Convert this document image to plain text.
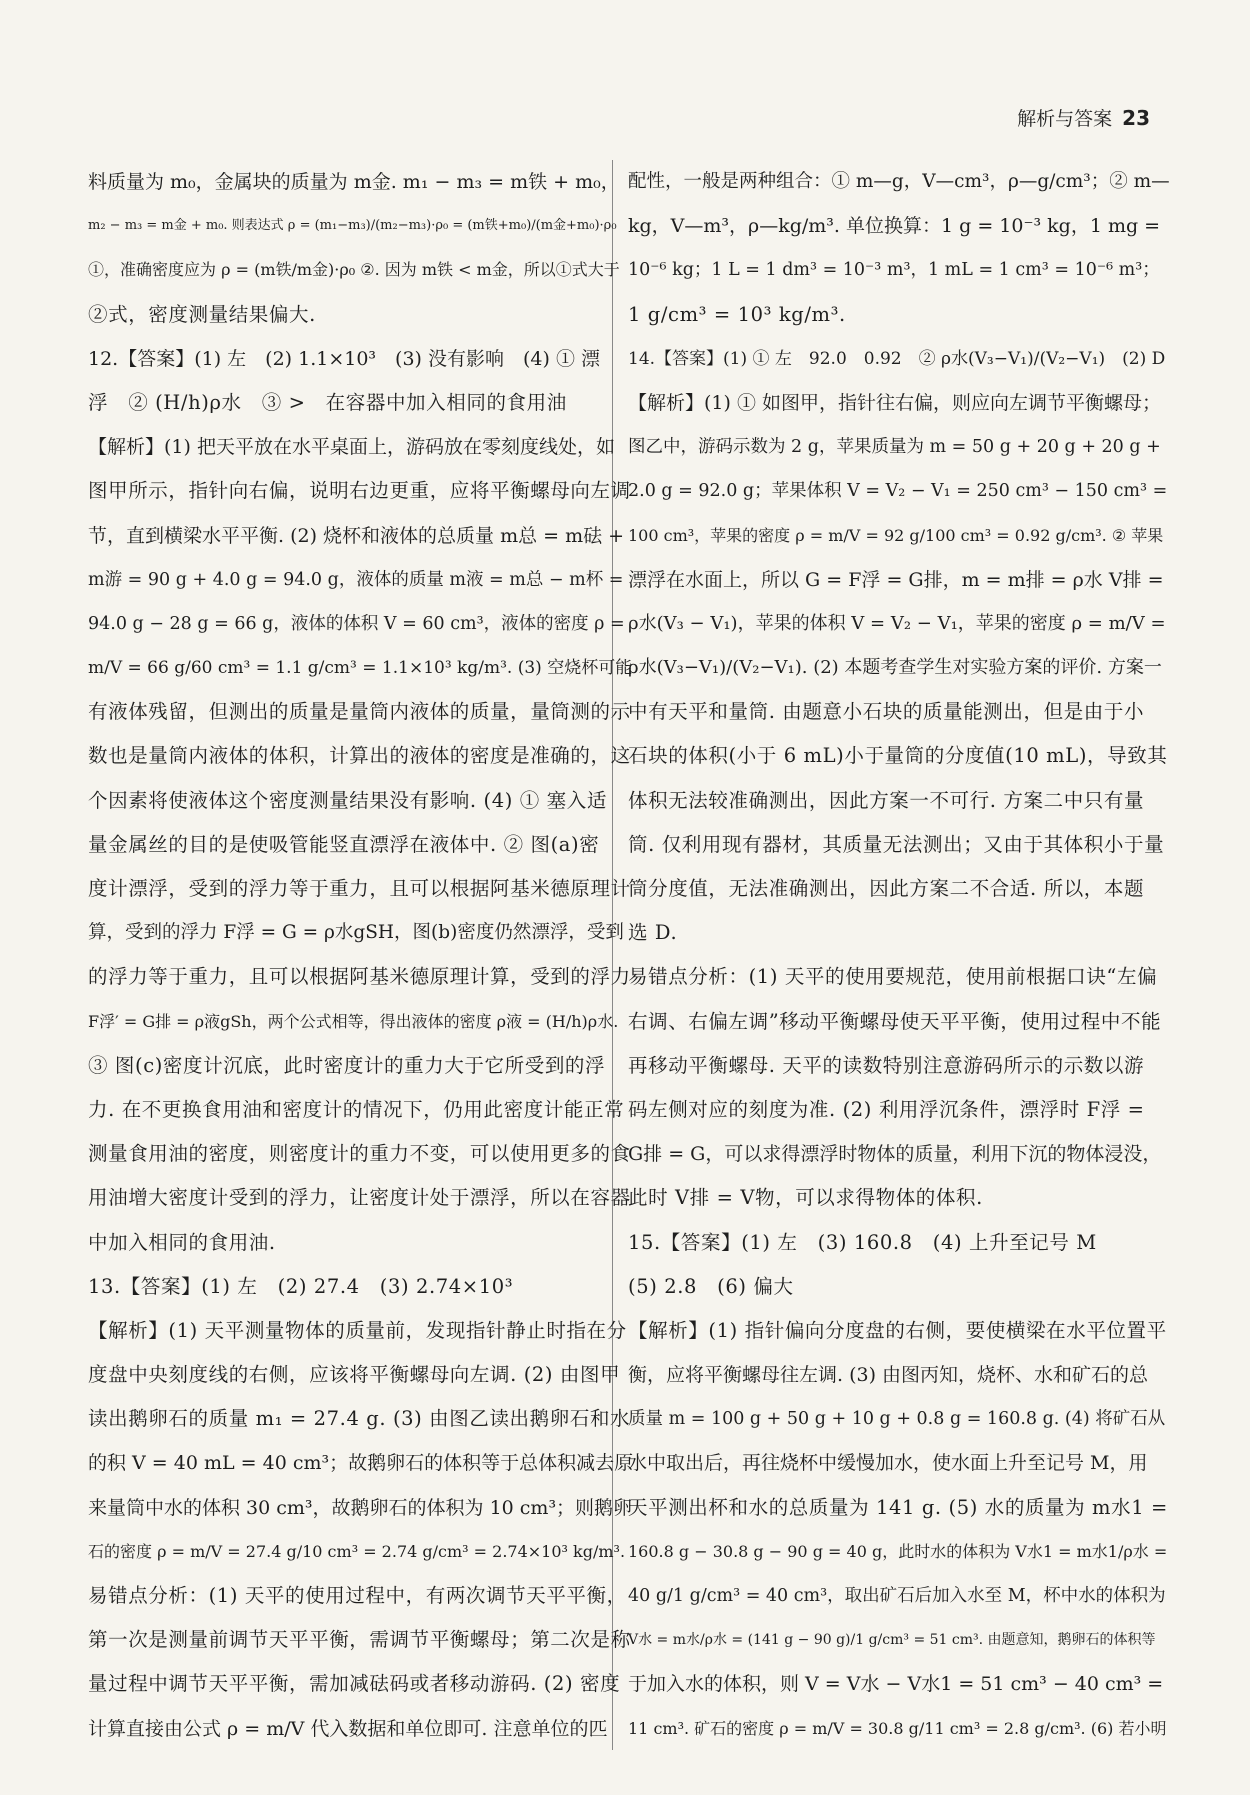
解析与答案 23
料质量为 m₀，金属块的质量为 m金. m₁ − m₃ = m铁 + m₀，
m₂ − m₃ = m金 + m₀. 则表达式 ρ = (m₁−m₃)/(m₂−m₃)·ρ₀ = (m铁+m₀)/(m金+m₀)·ρ₀
①，准确密度应为 ρ = (m铁/m金)·ρ₀ ②. 因为 m铁 < m金，所以①式大于
②式，密度测量结果偏大.
12.【答案】(1) 左　(2) 1.1×10³　(3) 没有影响　(4) ① 漂
浮　② (H/h)ρ水　③ >　在容器中加入相同的食用油
【解析】(1) 把天平放在水平桌面上，游码放在零刻度线处，如
图甲所示，指针向右偏，说明右边更重，应将平衡螺母向左调
节，直到横梁水平平衡. (2) 烧杯和液体的总质量 m总 = m砝 +
m游 = 90 g + 4.0 g = 94.0 g，液体的质量 m液 = m总 − m杯 =
94.0 g − 28 g = 66 g，液体的体积 V = 60 cm³，液体的密度 ρ =
m/V = 66 g/60 cm³ = 1.1 g/cm³ = 1.1×10³ kg/m³. (3) 空烧杯可能
有液体残留，但测出的质量是量筒内液体的质量，量筒测的示
数也是量筒内液体的体积，计算出的液体的密度是准确的，这
个因素将使液体这个密度测量结果没有影响. (4) ① 塞入适
量金属丝的目的是使吸管能竖直漂浮在液体中. ② 图(a)密
度计漂浮，受到的浮力等于重力，且可以根据阿基米德原理计
算，受到的浮力 F浮 = G = ρ水gSH，图(b)密度仍然漂浮，受到
的浮力等于重力，且可以根据阿基米德原理计算，受到的浮力
F浮′ = G排 = ρ液gSh，两个公式相等，得出液体的密度 ρ液 = (H/h)ρ水.
③ 图(c)密度计沉底，此时密度计的重力大于它所受到的浮
力. 在不更换食用油和密度计的情况下，仍用此密度计能正常
测量食用油的密度，则密度计的重力不变，可以使用更多的食
用油增大密度计受到的浮力，让密度计处于漂浮，所以在容器
中加入相同的食用油.
13.【答案】(1) 左　(2) 27.4　(3) 2.74×10³
【解析】(1) 天平测量物体的质量前，发现指针静止时指在分
度盘中央刻度线的右侧，应该将平衡螺母向左调. (2) 由图甲
读出鹅卵石的质量 m₁ = 27.4 g. (3) 由图乙读出鹅卵石和水
的积 V = 40 mL = 40 cm³；故鹅卵石的体积等于总体积减去原
来量筒中水的体积 30 cm³，故鹅卵石的体积为 10 cm³；则鹅卵
石的密度 ρ = m/V = 27.4 g/10 cm³ = 2.74 g/cm³ = 2.74×10³ kg/m³.
易错点分析：(1) 天平的使用过程中，有两次调节天平平衡，
第一次是测量前调节天平平衡，需调节平衡螺母；第二次是称
量过程中调节天平平衡，需加减砝码或者移动游码. (2) 密度
计算直接由公式 ρ = m/V 代入数据和单位即可. 注意单位的匹
配性，一般是两种组合：① m—g，V—cm³，ρ—g/cm³；② m—
kg，V—m³，ρ—kg/m³. 单位换算：1 g = 10⁻³ kg，1 mg =
10⁻⁶ kg；1 L = 1 dm³ = 10⁻³ m³，1 mL = 1 cm³ = 10⁻⁶ m³；
1 g/cm³ = 10³ kg/m³.
14.【答案】(1) ① 左　92.0　0.92　② ρ水(V₃−V₁)/(V₂−V₁)　(2) D
【解析】(1) ① 如图甲，指针往右偏，则应向左调节平衡螺母；
图乙中，游码示数为 2 g，苹果质量为 m = 50 g + 20 g + 20 g +
2.0 g = 92.0 g；苹果体积 V = V₂ − V₁ = 250 cm³ − 150 cm³ =
100 cm³，苹果的密度 ρ = m/V = 92 g/100 cm³ = 0.92 g/cm³. ② 苹果
漂浮在水面上，所以 G = F浮 = G排，m = m排 = ρ水 V排 =
ρ水(V₃ − V₁)，苹果的体积 V = V₂ − V₁，苹果的密度 ρ = m/V =
ρ水(V₃−V₁)/(V₂−V₁). (2) 本题考查学生对实验方案的评价. 方案一
中有天平和量筒. 由题意小石块的质量能测出，但是由于小
石块的体积(小于 6 mL)小于量筒的分度值(10 mL)，导致其
体积无法较准确测出，因此方案一不可行. 方案二中只有量
筒. 仅利用现有器材，其质量无法测出；又由于其体积小于量
筒分度值，无法准确测出，因此方案二不合适. 所以，本题
选 D.
易错点分析：(1) 天平的使用要规范，使用前根据口诀“左偏
右调、右偏左调”移动平衡螺母使天平平衡，使用过程中不能
再移动平衡螺母. 天平的读数特别注意游码所示的示数以游
码左侧对应的刻度为准. (2) 利用浮沉条件，漂浮时 F浮 =
G排 = G，可以求得漂浮时物体的质量，利用下沉的物体浸没，
此时 V排 = V物，可以求得物体的体积.
15.【答案】(1) 左　(3) 160.8　(4) 上升至记号 M
(5) 2.8　(6) 偏大
【解析】(1) 指针偏向分度盘的右侧，要使横梁在水平位置平
衡，应将平衡螺母往左调. (3) 由图丙知，烧杯、水和矿石的总
质量 m = 100 g + 50 g + 10 g + 0.8 g = 160.8 g. (4) 将矿石从
水中取出后，再往烧杯中缓慢加水，使水面上升至记号 M，用
天平测出杯和水的总质量为 141 g. (5) 水的质量为 m水1 =
160.8 g − 30.8 g − 90 g = 40 g，此时水的体积为 V水1 = m水1/ρ水 =
40 g/1 g/cm³ = 40 cm³，取出矿石后加入水至 M，杯中水的体积为
V水 = m水/ρ水 = (141 g − 90 g)/1 g/cm³ = 51 cm³. 由题意知，鹅卵石的体积等
于加入水的体积，则 V = V水 − V水1 = 51 cm³ − 40 cm³ =
11 cm³. 矿石的密度 ρ = m/V = 30.8 g/11 cm³ = 2.8 g/cm³. (6) 若小明
